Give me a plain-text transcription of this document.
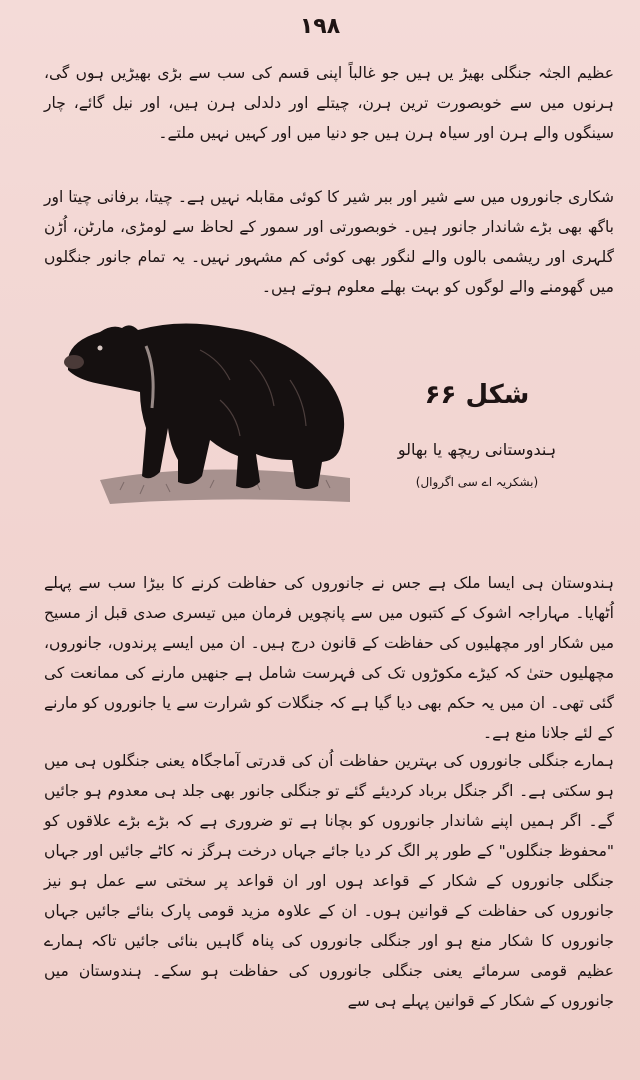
۱۹۸

عظیم الجثہ جنگلی بھیڑ یں ہیں جو غالباً اپنی قسم کی سب سے بڑی بھیڑیں ہوں گی، ہرنوں میں سے خوبصورت ترین ہرن، چیتلے اور دلدلی ہرن ہیں، اور نیل گائے، چار سینگوں والے ہرن اور سیاہ ہرن ہیں جو دنیا میں اور کہیں نہیں ملتے۔

شکاری جانوروں میں سے شیر اور ببر شیر کا کوئی مقابلہ نہیں ہے۔ چیتا، برفانی چیتا اور باگھ بھی بڑے شاندار جانور ہیں۔ خوبصورتی اور سمور کے لحاظ سے لومڑی، مارٹن، اُڑن گلہری اور ریشمی بالوں والے لنگور بھی کوئی کم مشہور نہیں۔ یہ تمام جانور جنگلوں میں گھومنے والے لوگوں کو بہت بھلے معلوم ہوتے ہیں۔

شکل ۶۶
ہندوستانی ریچھ یا بھالو
(بشکریہ اے سی اگروال)

ہندوستان ہی ایسا ملک ہے جس نے جانوروں کی حفاظت کرنے کا بیڑا سب سے پہلے اُٹھایا۔ مہاراجہ اشوک کے کتبوں میں سے پانچویں فرمان میں تیسری صدی قبل از مسیح میں شکار اور مچھلیوں کی حفاظت کے قانون درج ہیں۔ ان میں ایسے پرندوں، جانوروں، مچھلیوں حتیٰ کہ کیڑے مکوڑوں تک کی فہرست شامل ہے جنھیں مارنے کی ممانعت کی گئی تھی۔ ان میں یہ حکم بھی دیا گیا ہے کہ جنگلات کو شرارت سے یا جانوروں کو مارنے کے لئے جلانا منع ہے۔

ہمارے جنگلی جانوروں کی بہترین حفاظت اُن کی قدرتی آماجگاہ یعنی جنگلوں ہی میں ہو سکتی ہے۔ اگر جنگل برباد کردیئے گئے تو جنگلی جانور بھی جلد ہی معدوم ہو جائیں گے۔ اگر ہمیں اپنے شاندار جانوروں کو بچانا ہے تو ضروری ہے کہ بڑے بڑے علاقوں کو "محفوظ جنگلوں" کے طور پر الگ کر دیا جائے جہاں درخت ہرگز نہ کاٹے جائیں اور جہاں جنگلی جانوروں کے شکار کے قواعد ہوں اور ان قواعد پر سختی سے عمل ہو نیز جانوروں کی حفاظت کے قوانین ہوں۔ ان کے علاوہ مزید قومی پارک بنائے جائیں جہاں جانوروں کا شکار منع ہو اور جنگلی جانوروں کی پناہ گاہیں بنائی جائیں تاکہ ہمارے عظیم قومی سرمائے یعنی جنگلی جانوروں کی حفاظت ہو سکے۔ ہندوستان میں جانوروں کے شکار کے قوانین پہلے ہی سے
